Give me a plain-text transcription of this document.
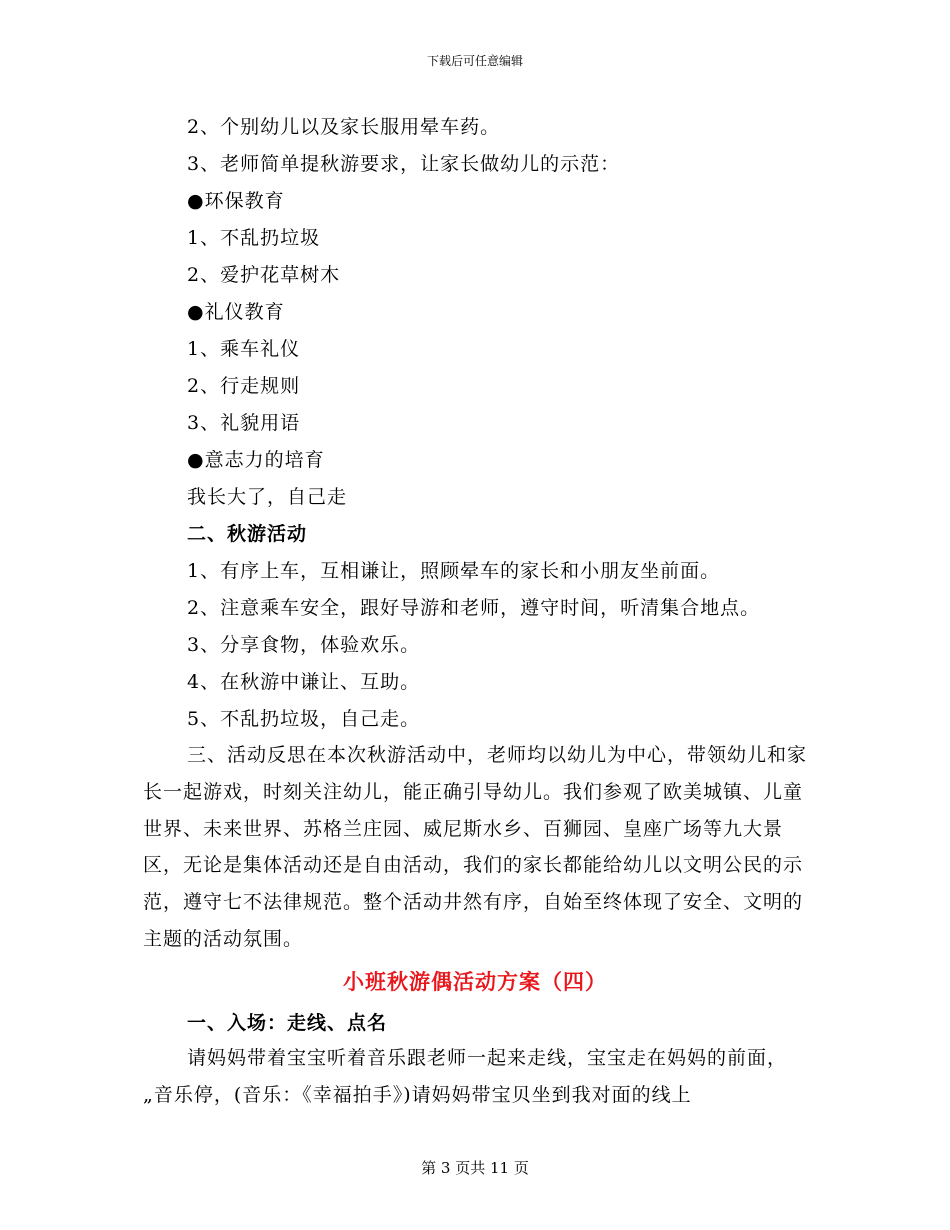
下载后可任意编辑
2、个别幼儿以及家长服用晕车药。
3、老师简单提秋游要求，让家长做幼儿的示范：
●环保教育
1、不乱扔垃圾
2、爱护花草树木
●礼仪教育
1、乘车礼仪
2、行走规则
3、礼貌用语
●意志力的培育
我长大了，自己走
二、秋游活动
1、有序上车，互相谦让，照顾晕车的家长和小朋友坐前面。
2、注意乘车安全，跟好导游和老师，遵守时间，听清集合地点。
3、分享食物，体验欢乐。
4、在秋游中谦让、互助。
5、不乱扔垃圾，自己走。

三、活动反思在本次秋游活动中，老师均以幼儿为中心，带领幼儿和家长一起游戏，时刻关注幼儿，能正确引导幼儿。我们参观了欧美城镇、儿童世界、未来世界、苏格兰庄园、威尼斯水乡、百狮园、皇座广场等九大景区，无论是集体活动还是自由活动，我们的家长都能给幼儿以文明公民的示范，遵守七不法律规范。整个活动井然有序，自始至终体现了安全、文明的主题的活动氛围。

小班秋游偶活动方案（四）
一、入场：走线、点名

请妈妈带着宝宝听着音乐跟老师一起来走线，宝宝走在妈妈的前面，„音乐停，(音乐：《幸福拍手》)请妈妈带宝贝坐到我对面的线上

第 3 页共 11 页
